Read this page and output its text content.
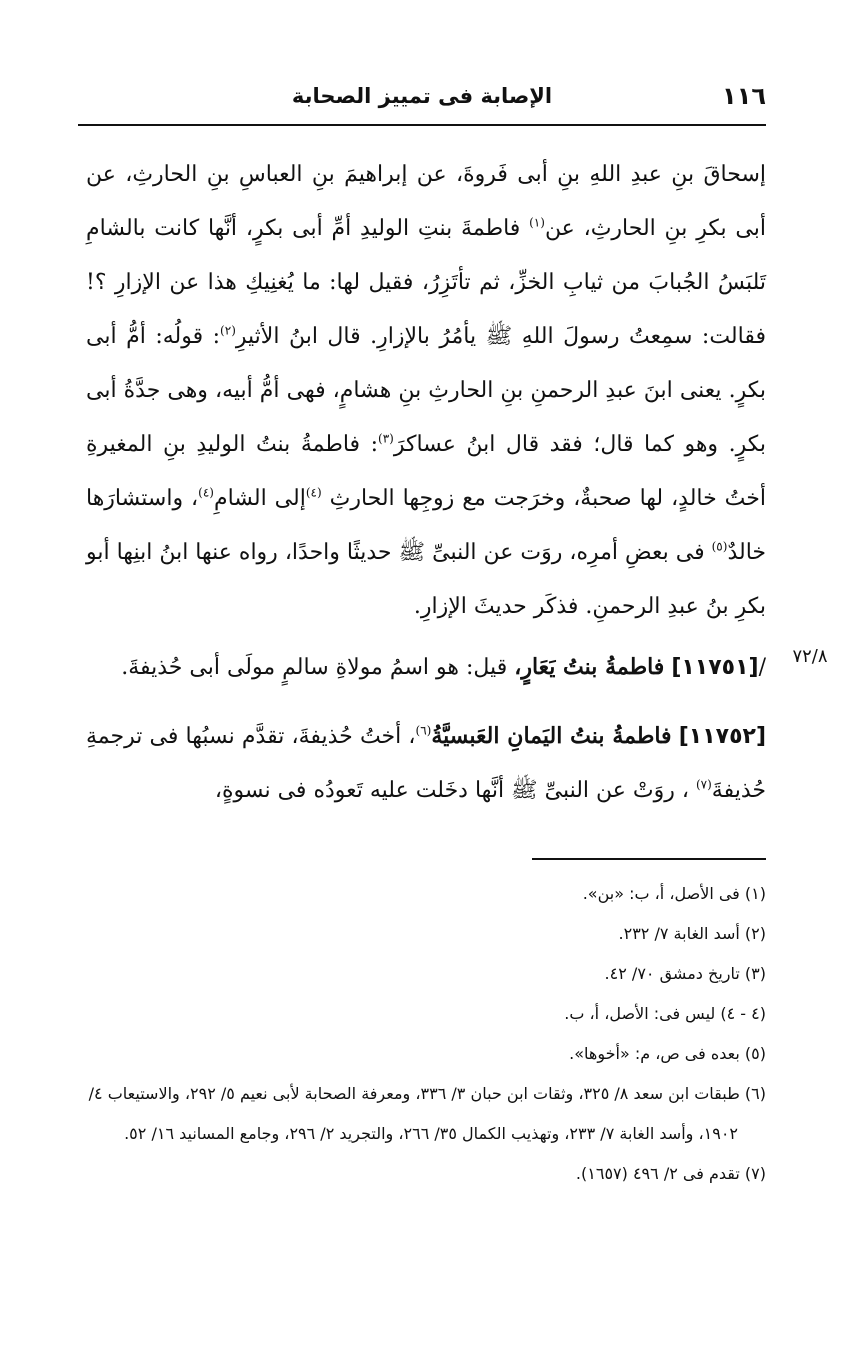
١١٦
الإصابة فى تمييز الصحابة

إسحاقَ بنِ عبدِ اللهِ بنِ أبى فَروةَ، عن إبراهيمَ بنِ العباسِ بنِ الحارثِ، عن أبى بكرِ بنِ الحارثِ، عن$^{(١)}$ فاطمةَ بنتِ الوليدِ أمِّ أبى بكرٍ، أنَّها كانت بالشامِ تَلبَسُ الجُبابَ من ثيابِ الخزِّ، ثم تأتَزِرُ، فقيل لها: ما يُغنِيكِ هذا عن الإزارِ ؟! فقالت: سمِعتُ رسولَ اللهِ ﷺ يأمُرُ بالإزارِ. قال ابنُ الأثيرِ$^{(٢)}$: قولُه: أمُّ أبى بكرٍ. يعنى ابنَ عبدِ الرحمنِ بنِ الحارثِ بنِ هشامٍ، فهى أمُّ أبيه، وهى جدَّةُ أبى بكرٍ. وهو كما قال؛ فقد قال ابنُ عساكرَ$^{(٣)}$: فاطمةُ بنتُ الوليدِ بنِ المغيرةِ أختُ خالدٍ، لها صحبةٌ، وخرَجت مع زوجِها الحارثِ $^{(٤)}$إلى الشامِ$^{(٤)}$، واستشارَها خالدٌ$^{(٥)}$ فى بعضِ أمرِه، روَت عن النبىِّ ﷺ حديثًا واحدًا، رواه عنها ابنُ ابنِها أبو بكرِ بنُ عبدِ الرحمنِ. فذكَر حديثَ الإزارِ.

/[١١٧٥١] فاطمةُ بنتُ يَعَارٍ، قيل: هو اسمُ مولاةِ سالمٍ مولَى أبى حُذيفةَ.

[١١٧٥٢] فاطمةُ بنتُ اليَمانِ العَبسيَّةُ$^{(٦)}$، أختُ حُذيفةَ، تقدَّم نسبُها فى ترجمةِ حُذيفةَ$^{(٧)}$ ، روَتْ عن النبىِّ ﷺ أنَّها دخَلت عليه تَعودُه فى نسوةٍ،

٧٢/٨

(١) فى الأصل، أ، ب: «بن».

(٢) أسد الغابة ٧/ ٢٣٢.

(٣) تاريخ دمشق ٧٠/ ٤٢.

(٤ - ٤) ليس فى: الأصل، أ، ب.

(٥) بعده فى ص، م: «أخوها».

(٦) طبقات ابن سعد ٨/ ٣٢٥، وثقات ابن حبان ٣/ ٣٣٦، ومعرفة الصحابة لأبى نعيم ٥/ ٢٩٢، والاستيعاب ٤/ ١٩٠٢، وأسد الغابة ٧/ ٢٣٣، وتهذيب الكمال ٣٥/ ٢٦٦، والتجريد ٢/ ٢٩٦، وجامع المسانيد ١٦/ ٥٢.

(٧) تقدم فى ٢/ ٤٩٦ (١٦٥٧).
